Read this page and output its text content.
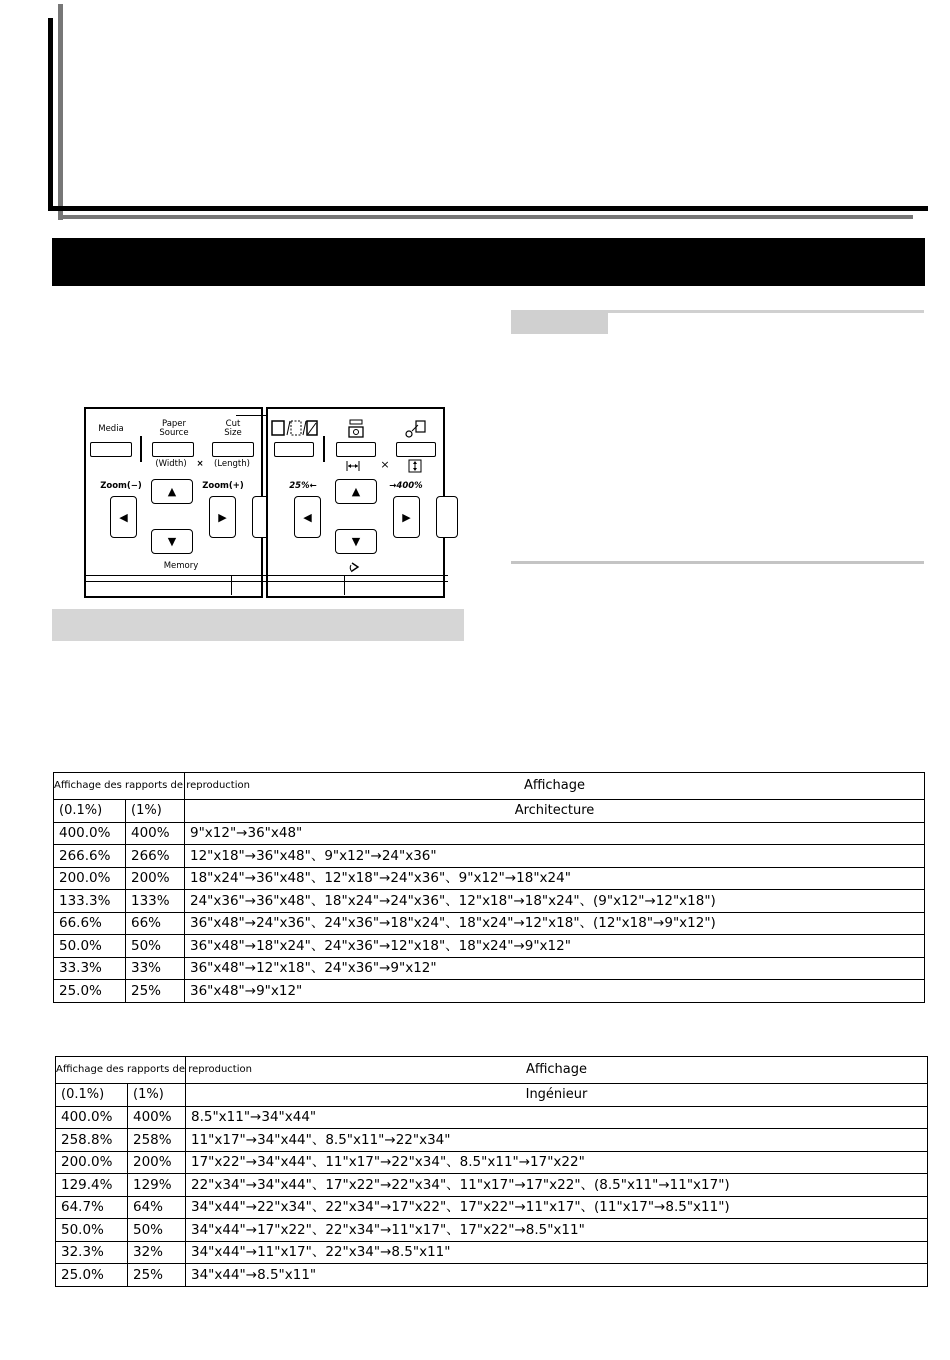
Media	Paper Source
Cut Size
(Width) × (Length)
Zoom(−)	Zoom(+)
▲
◀	▶
▼
Memory
×
25%←	→400%
▲
◀	▶
▼
Affichage des rapports de reproduction		Affichage
(0.1%)	(1%)	Architecture
400.0%	400%	9"x12"→36"x48"
266.6%	266%	12"x18"→36"x48"、9"x12"→24"x36"
200.0%	200%	18"x24"→36"x48"、12"x18"→24"x36"、9"x12"→18"x24"
133.3%	133%	24"x36"→36"x48"、18"x24"→24"x36"、12"x18"→18"x24"、(9"x12"→12"x18")
66.6%	66%	36"x48"→24"x36"、24"x36"→18"x24"、18"x24"→12"x18"、(12"x18"→9"x12")
50.0%	50%	36"x48"→18"x24"、24"x36"→12"x18"、18"x24"→9"x12"
33.3%	33%	36"x48"→12"x18"、24"x36"→9"x12"
25.0%	25%	36"x48"→9"x12"
Affichage des rapports de reproduction		Affichage
(0.1%)	(1%)	Ingénieur
400.0%	400%	8.5"x11"→34"x44"
258.8%	258%	11"x17"→34"x44"、8.5"x11"→22"x34"
200.0%	200%	17"x22"→34"x44"、11"x17"→22"x34"、8.5"x11"→17"x22"
129.4%	129%	22"x34"→34"x44"、17"x22"→22"x34"、11"x17"→17"x22"、(8.5"x11"→11"x17")
64.7%	64%	34"x44"→22"x34"、22"x34"→17"x22"、17"x22"→11"x17"、(11"x17"→8.5"x11")
50.0%	50%	34"x44"→17"x22"、22"x34"→11"x17"、17"x22"→8.5"x11"
32.3%	32%	34"x44"→11"x17"、22"x34"→8.5"x11"
25.0%	25%	34"x44"→8.5"x11"
